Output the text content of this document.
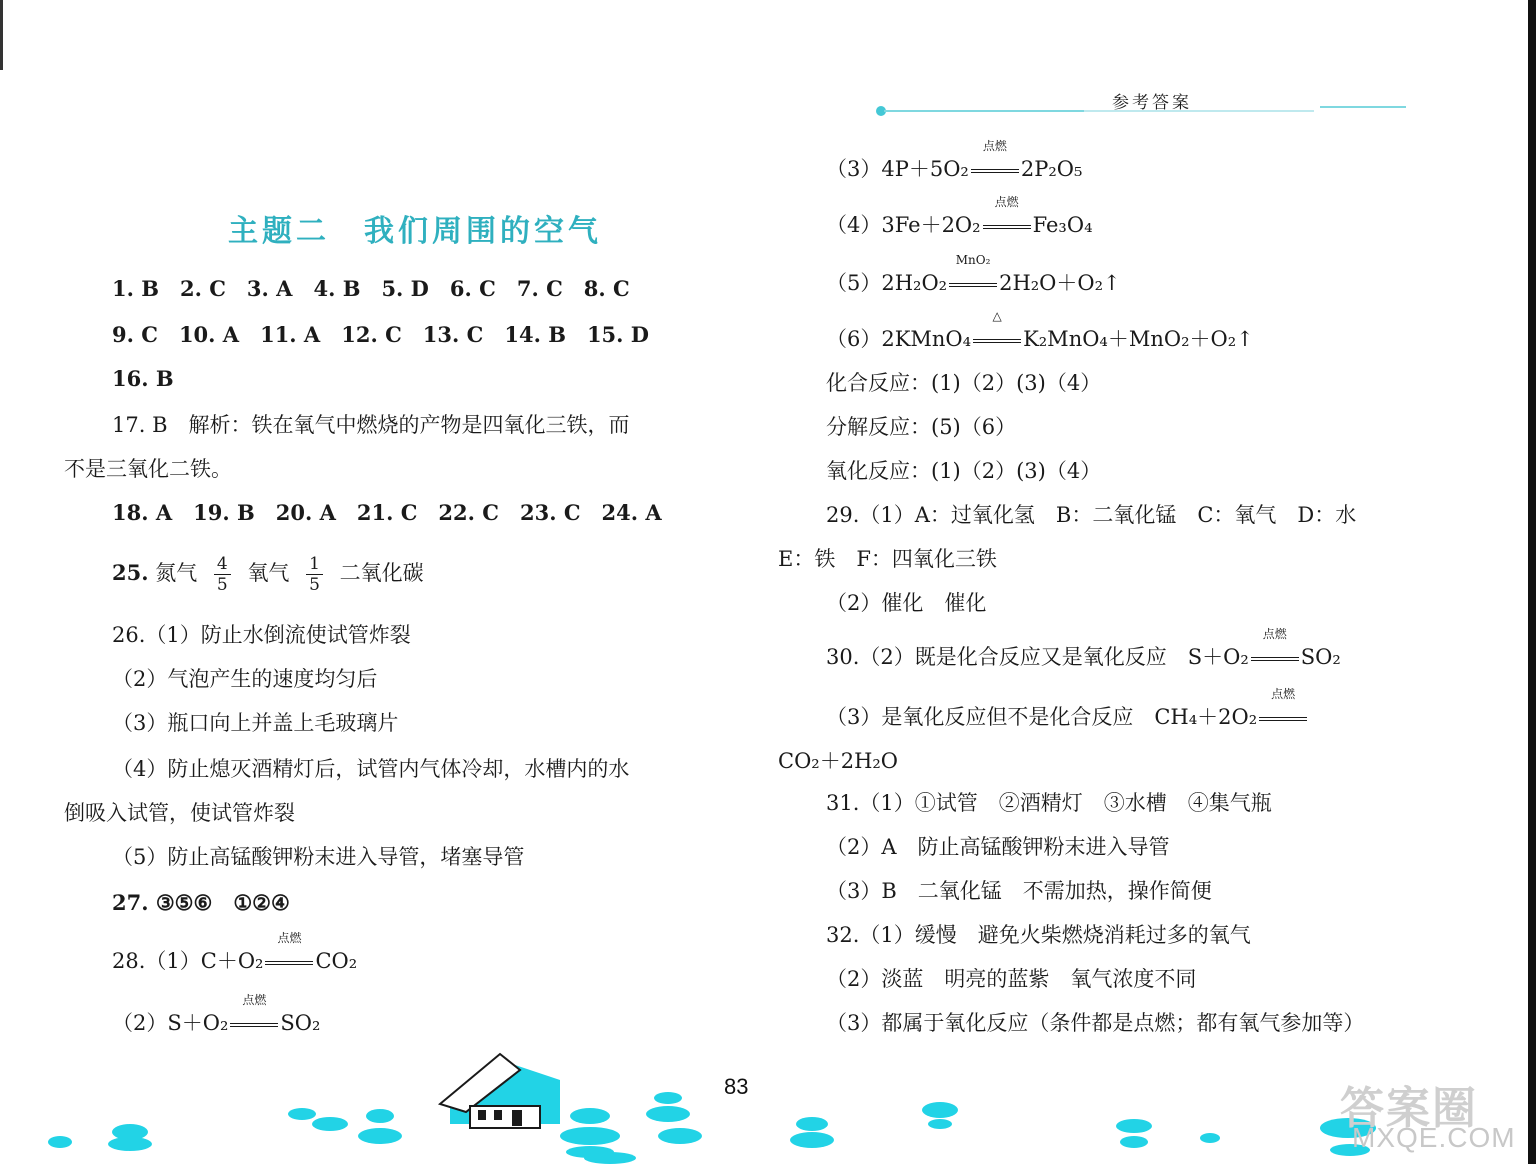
参考答案
主题二　我们周围的空气
1. B　2. C　3. A　4. B　5. D　6. C　7. C　8. C
9. C　10. A　11. A　12. C　13. C　14. B　15. D
16. B
17. B　解析：铁在氧气中燃烧的产物是四氧化三铁，而
不是三氧化二铁。
18. A　19. B　20. A　21. C　22. C　23. C　24. A
25. 氮气 $\frac{4}{5}$ 氧气 $\frac{1}{5}$ 二氧化碳
26.（1）防止水倒流使试管炸裂
（2）气泡产生的速度均匀后
（3）瓶口向上并盖上毛玻璃片
（4）防止熄灭酒精灯后，试管内气体冷却，水槽内的水
倒吸入试管，使试管炸裂
（5）防止高锰酸钾粉末进入导管，堵塞导管
27. ③⑤⑥　①②④
28.（1）C＋O₂
点燃
CO₂
（2）S＋O₂
点燃
SO₂
（3）4P＋5O₂
点燃
2P₂O₅
（4）3Fe＋2O₂
点燃
Fe₃O₄
（5）2H₂O₂
MnO₂
2H₂O＋O₂↑
（6）2KMnO₄
△
K₂MnO₄＋MnO₂＋O₂↑
化合反应：(1)（2）(3)（4）
分解反应：(5)（6）
氧化反应：(1)（2）(3)（4）
29.（1）A：过氧化氢　B：二氧化锰　C：氧气　D：水
E：铁　F：四氧化三铁
（2）催化　催化
30.（2）既是化合反应又是氧化反应　S＋O₂
点燃
SO₂
（3）是氧化反应但不是化合反应　CH₄＋2O₂
点燃
CO₂＋2H₂O
31.（1）①试管　②酒精灯　③水槽　④集气瓶
（2）A　防止高锰酸钾粉末进入导管
（3）B　二氧化锰　不需加热，操作简便
32.（1）缓慢　避免火柴燃烧消耗过多的氧气
（2）淡蓝　明亮的蓝紫　氧气浓度不同
（3）都属于氧化反应（条件都是点燃；都有氧气参加等）
83	答案圈
MXQE.COM
